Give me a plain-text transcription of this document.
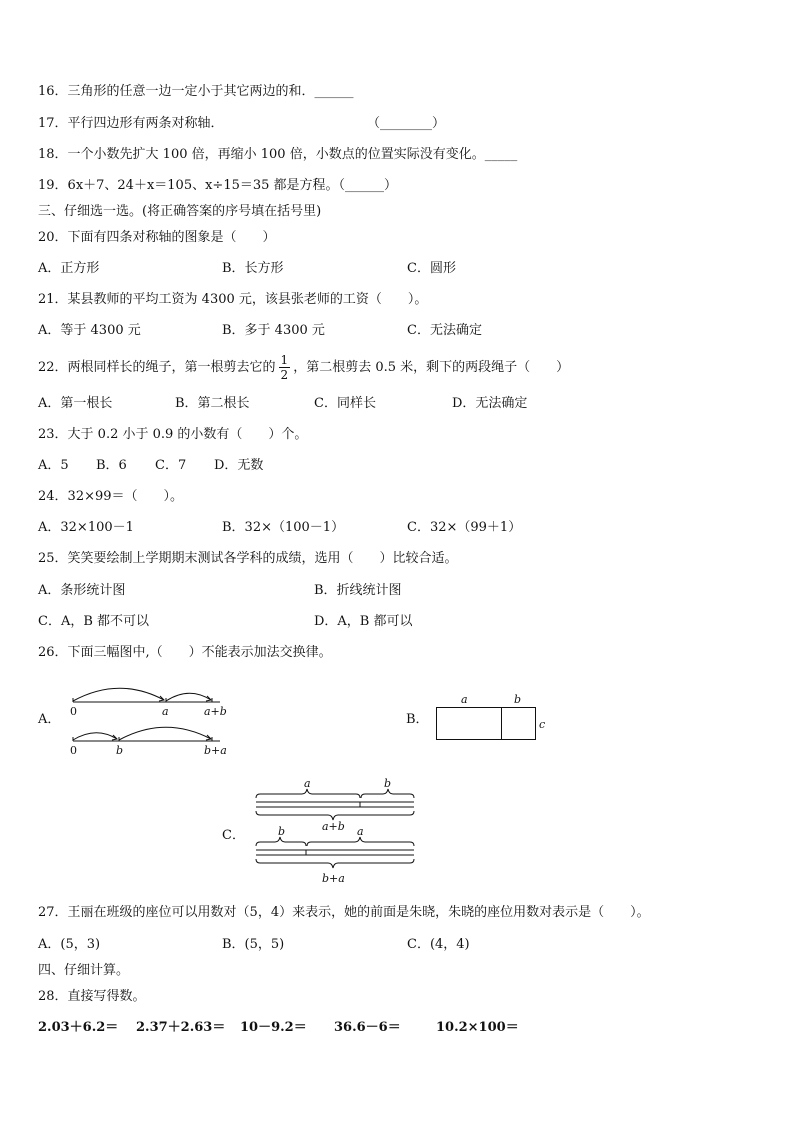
16．三角形的任意一边一定小于其它两边的和．______
17．平行四边形有两条对称轴．	（________）
18．一个小数先扩大 100 倍，再缩小 100 倍，小数点的位置实际没有变化。_____
19．6x＋7、24＋x＝105、x÷15＝35 都是方程。（______）
三、仔细选一选。(将正确答案的序号填在括号里)
20．下面有四条对称轴的图象是（　　）
A．正方形	B．长方形	C．圆形
21．某县教师的平均工资为 4300 元，该县张老师的工资（　　）。
A．等于 4300 元	B．多于 4300 元	C．无法确定
22．两根同样长的绳子，第一根剪去它的 $\frac{1}{2}$ ，第二根剪去 0.5 米，剩下的两段绳子（　　）
A．第一根长	B．第二根长	C．同样长	D．无法确定
23．大于 0.2 小于 0.9 的小数有（　　）个。
A．5 B．6 C．7 D．无数
24．32×99＝（　　）。
A．32×100－1	B．32×（100－1）	C．32×（99＋1）
25．笑笑要绘制上学期期末测试各学科的成绩，选用（　　）比较合适。
A．条形统计图	B．折线统计图
C．A，B 都不可以	D．A，B 都可以
26．下面三幅图中,（　　）不能表示加法交换律。
A．
0	a	a+b
0	b	b+a
B．
a	b
c
C．
a	b
a+b
b	a
b+a
27．王丽在班级的座位可以用数对（5，4）来表示，她的前面是朱晓，朱晓的座位用数对表示是（　　）。
A．(5，3)	B．(5，5)	C．(4，4)
四、仔细计算。
28．直接写得数。
2.03＋6.2＝ 2.37＋2.63＝ 10－9.2＝ 36.6－6＝	10.2×100＝
